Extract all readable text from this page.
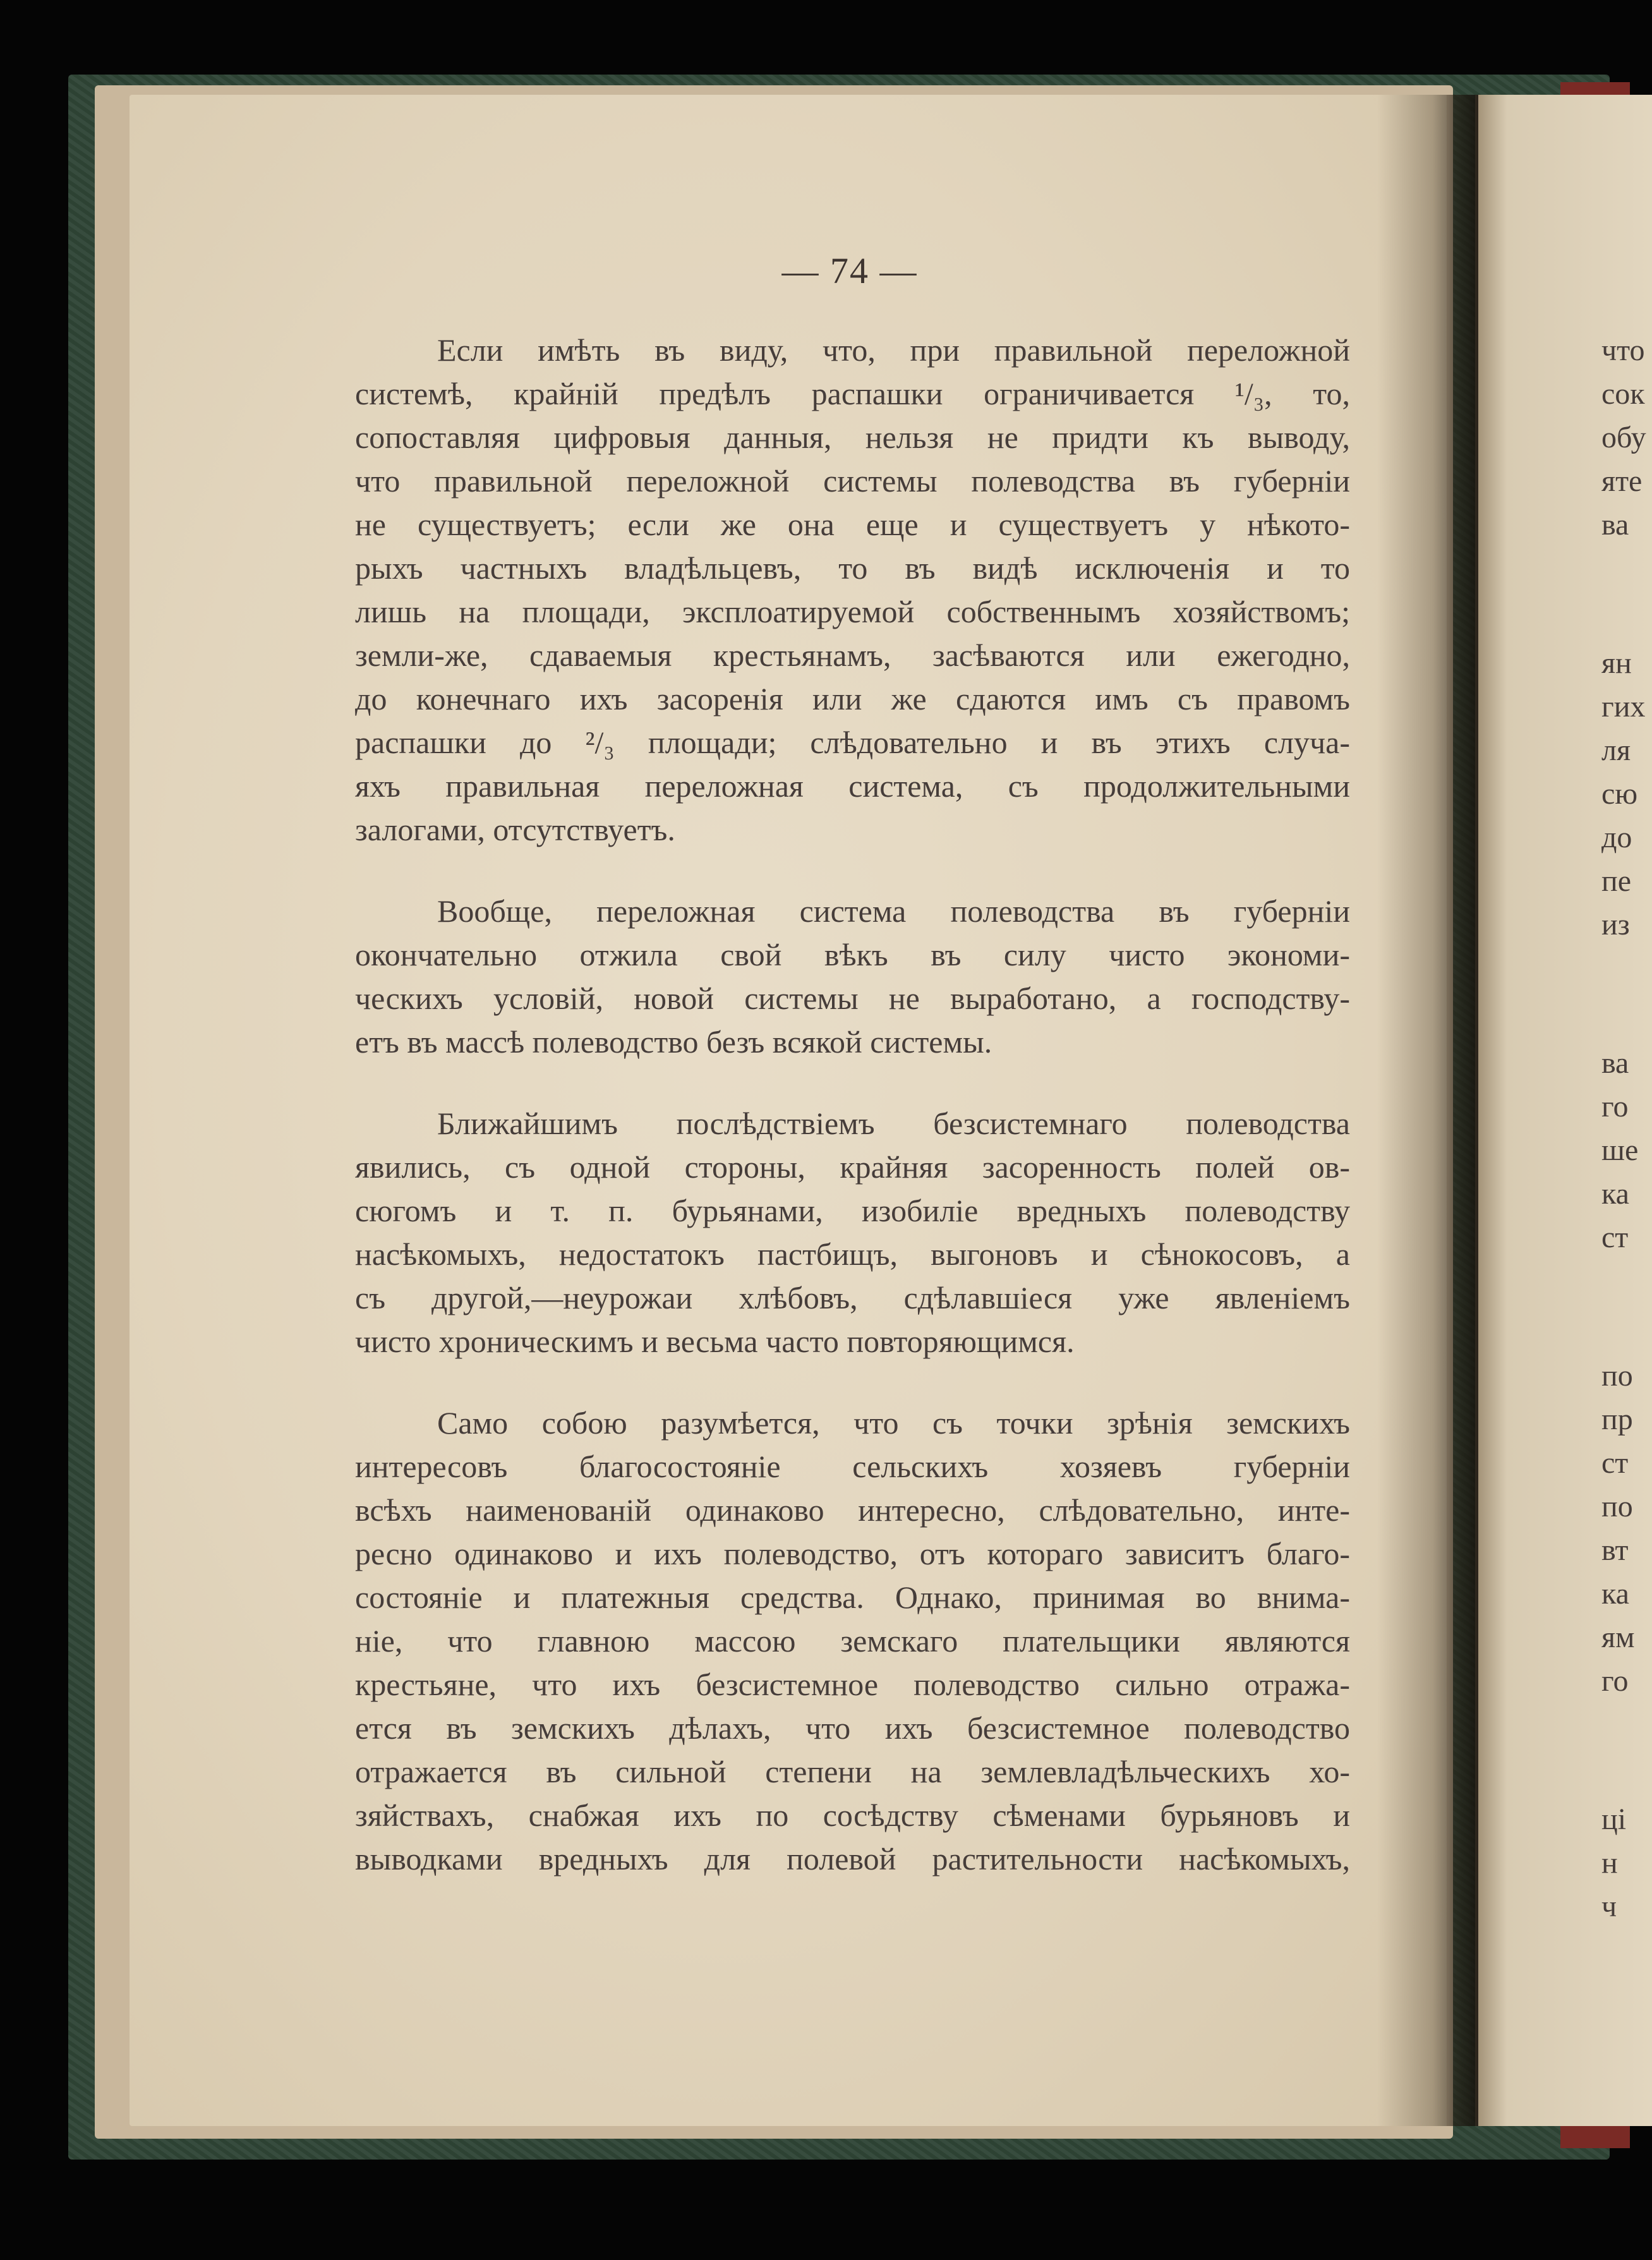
— 74 —
Если имѣть въ виду, что, при правильной переложной
системѣ, крайній предѣлъ распашки ограничивается ¹/₃, то,
сопоставляя цифровыя данныя, нельзя не придти къ выводу,
что правильной переложной системы полеводства въ губерніи
не существуетъ; если же она еще и существуетъ у нѣкото-
рыхъ частныхъ владѣльцевъ, то въ видѣ исключенія и то
лишь на площади, эксплоатируемой собственнымъ хозяйствомъ;
земли-же, сдаваемыя крестьянамъ, засѣваются или ежегодно,
до конечнаго ихъ засоренія или же сдаются имъ съ правомъ
распашки до ²/₃ площади; слѣдовательно и въ этихъ случа-
яхъ правильная переложная система, съ продолжительными
залогами, отсутствуетъ.
Вообще, переложная система полеводства въ губерніи
окончательно отжила свой вѣкъ въ силу чисто экономи-
ческихъ условій, новой системы не выработано, а господству-
етъ въ массѣ полеводство безъ всякой системы.
Ближайшимъ послѣдствіемъ безсистемнаго полеводства
явились, съ одной стороны, крайняя засоренность полей ов-
сюгомъ и т. п. бурьянами, изобиліе вредныхъ полеводству
насѣкомыхъ, недостатокъ пастбищъ, выгоновъ и сѣнокосовъ, а
съ другой,—неурожаи хлѣбовъ, сдѣлавшіеся уже явленіемъ
чисто хроническимъ и весьма часто повторяющимся.
Само собою разумѣется, что съ точки зрѣнія земскихъ
интересовъ благосостояніе сельскихъ хозяевъ губерніи
всѣхъ наименованій одинаково интересно, слѣдовательно, инте-
ресно одинаково и ихъ полеводство, отъ котораго зависитъ благо-
состояніе и платежныя средства. Однако, принимая во внима-
ніе, что главною массою земскаго плательщики являются
крестьяне, что ихъ безсистемное полеводство сильно отража-
ется въ земскихъ дѣлахъ, что ихъ безсистемное полеводство
отражается въ сильной степени на землевладѣльческихъ хо-
зяйствахъ, снабжая ихъ по сосѣдству сѣменами бурьяновъ и
выводками вредныхъ для полевой растительности насѣкомыхъ,
что
сок
обу
яте
ва
ян
гих
ля
сю
до
пе
из
ва
го
ше
ка
ст
по
пр
ст
по
вт
ка
ям
го
ці
н
ч
